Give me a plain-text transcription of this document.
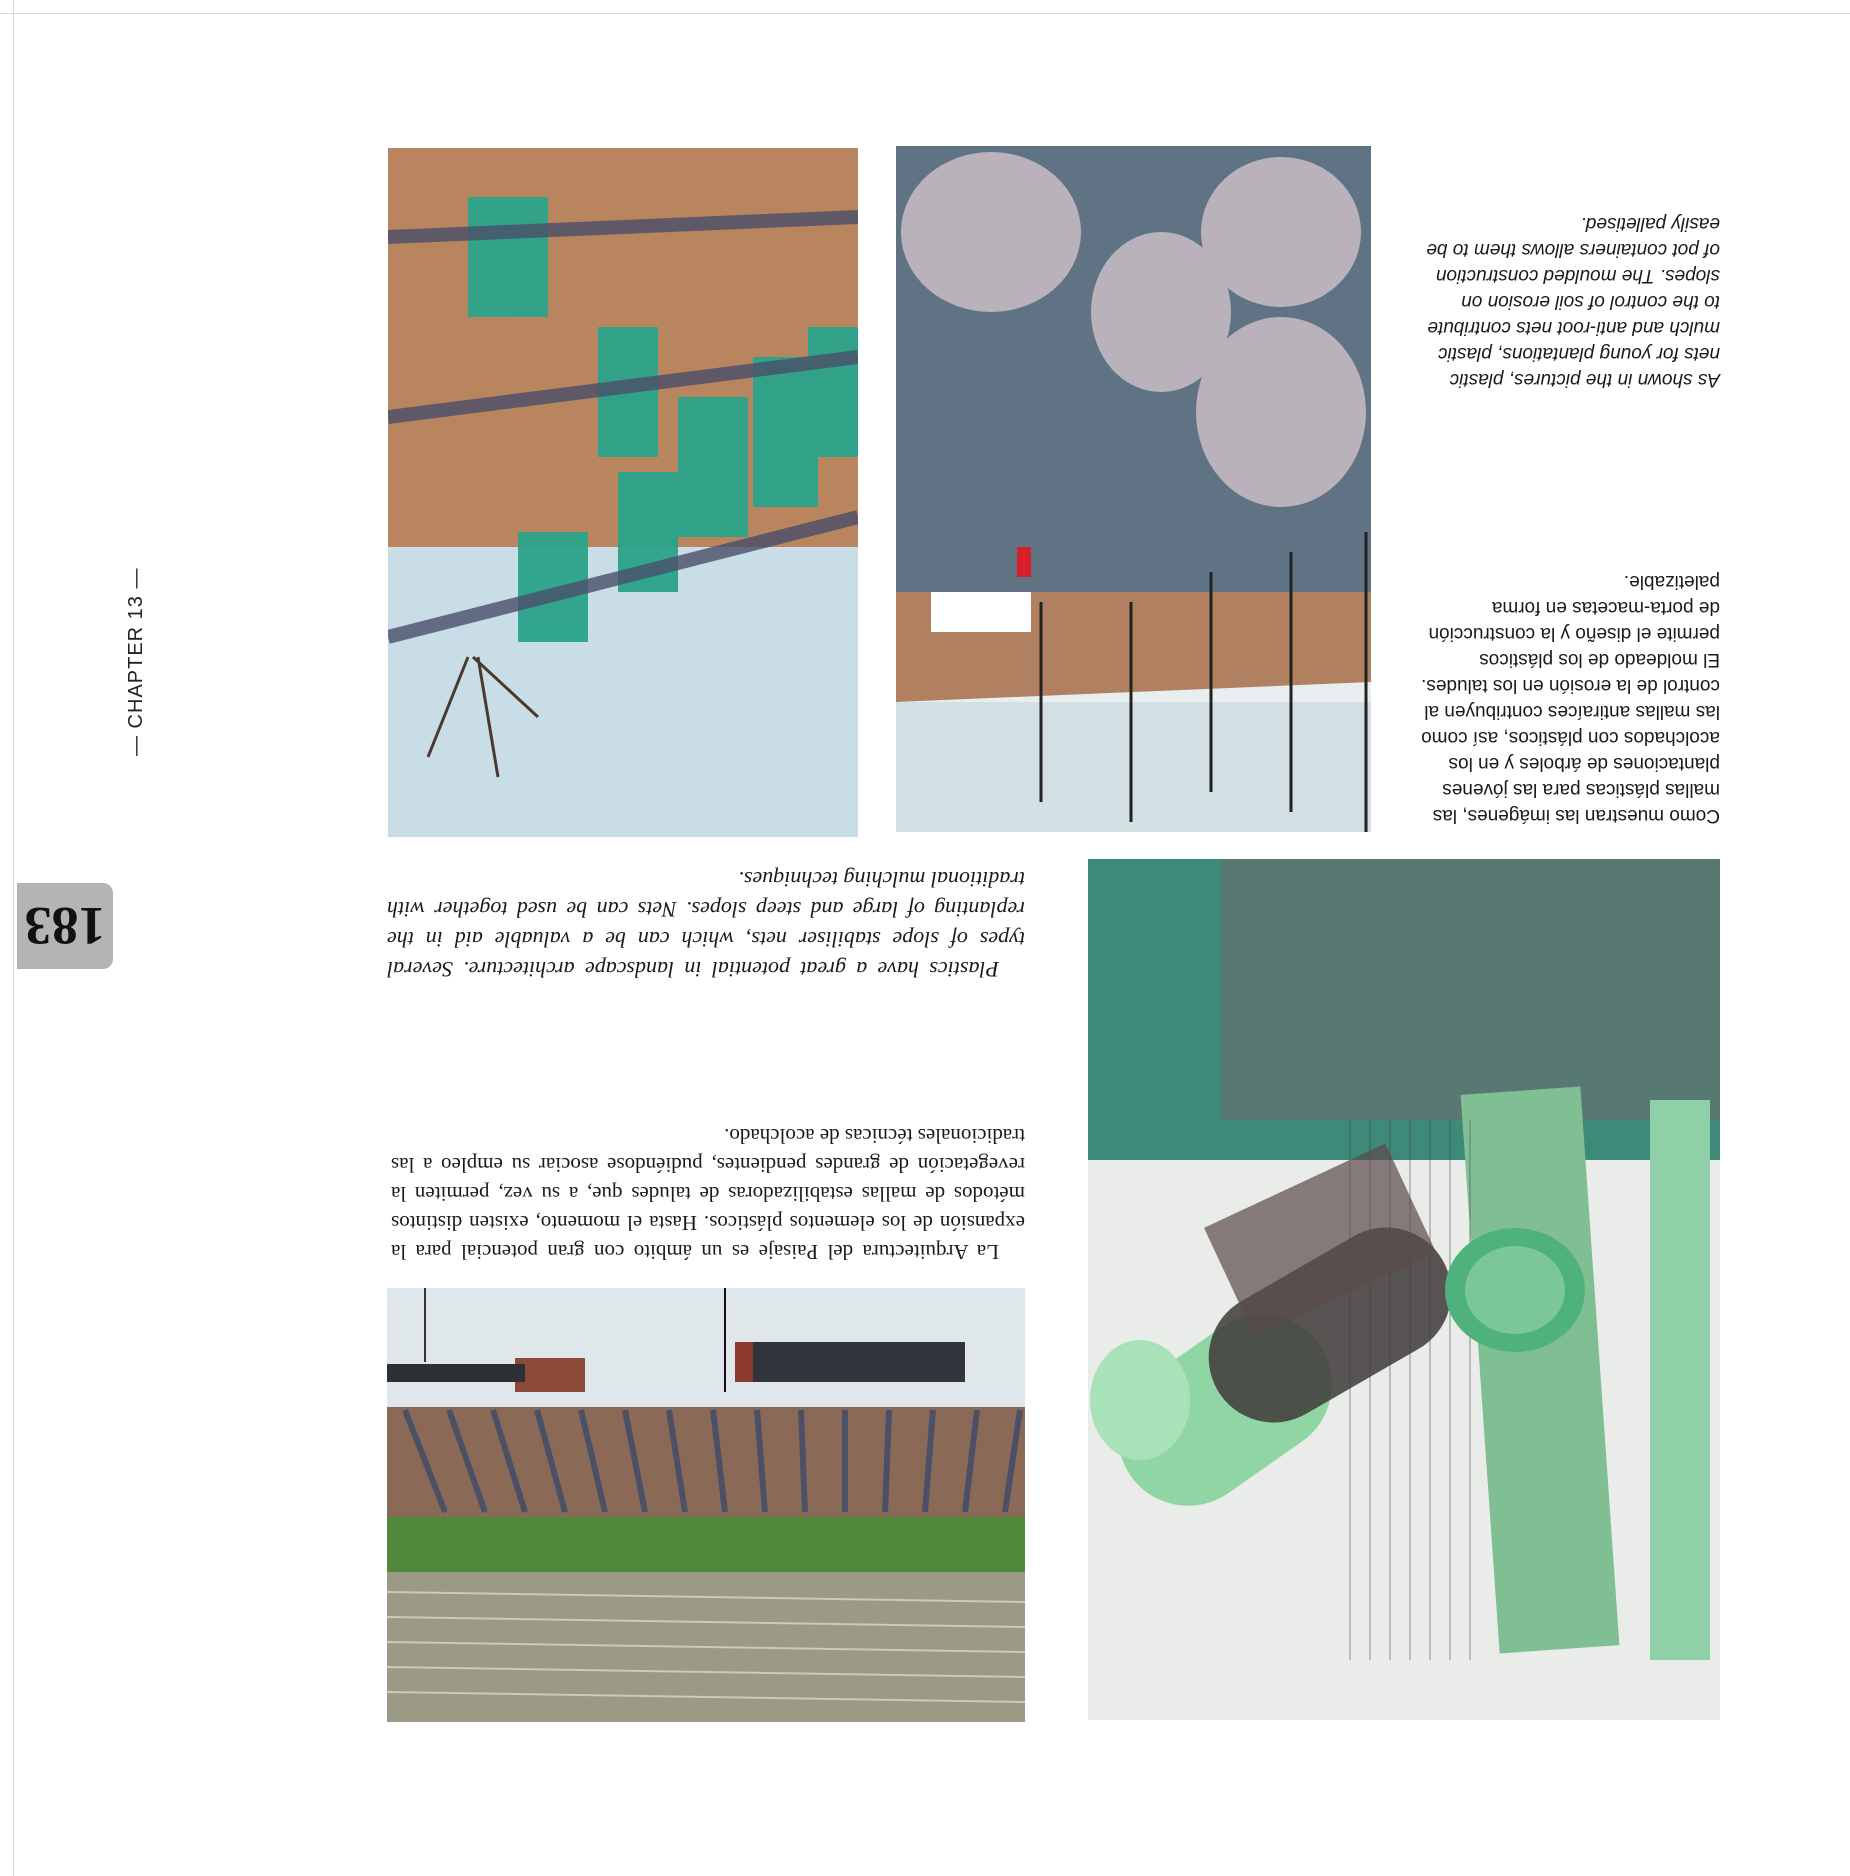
La Arquitectura del Paisaje es un ámbito con gran potencial para la expansión de los elementos plásticos. Hasta el momento, existen distintos métodos de mallas estabilizadoras de taludes que, a su vez, permiten la revegetación de grandes pendientes, pudiéndose asociar su empleo a las tradicionales técnicas de acolchado.

Plastics have a great potential in landscape architecture. Several types of slope stabiliser nets, which can be a valuable aid in the replanting of large and steep slopes. Nets can be used together with traditional mulching techniques.

Como muestran las imágenes, las mallas plásticas para las jóvenes plantaciones de árboles y en los acolchados con plásticos, así como las mallas antiraíces contribuyen al control de la erosión en los taludes. El moldeado de los plásticos permite el diseño y la construcción de porta-macetas en forma paletizable.

As shown in the pictures, plastic nets for young plantations, plastic mulch and anti-root nets contribute to the control of soil erosion on slopes. The moulded construction of pot containers allows them to be easily palletised.

— CHAPTER 13 —
183
